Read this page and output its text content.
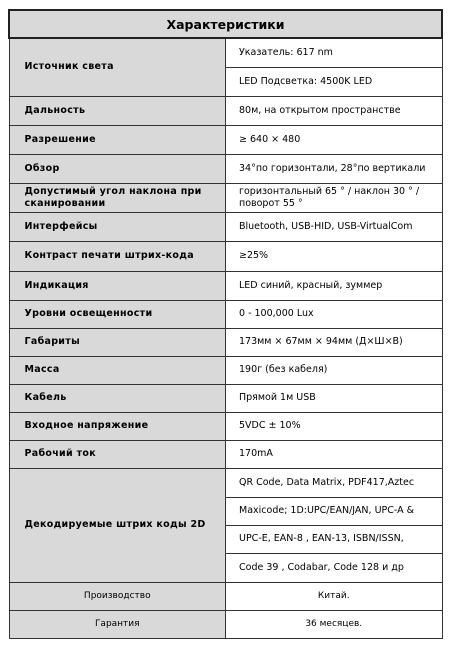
Характеристики	
Источник света	Указатель: 617 nm
	LED Подсветка: 4500K LED
Дальность	80м, на открытом пространстве
Разрешение	≥ 640 × 480
Обзор	34°по горизонтали, 28°по вертикали
Допустимый угол наклона при сканировании	горизонтальный 65 ° / наклон 30 ° / поворот 55 °
Интерфейсы	Bluetooth, USB-HID, USB-VirtualCom
Контраст печати штрих-кода	≥25%
Индикация	LED синий, красный, зуммер
Уровни освещенности	0 - 100,000 Lux
Габариты	173мм × 67мм × 94мм (Д×Ш×В)
Масса	190г (без кабеля)
Кабель	Прямой 1м USB
Входное напряжение	5VDC ± 10%
Рабочий ток	170mA
Декодируемые штрих коды 2D	QR Code, Data Matrix, PDF417,Aztec
	Maxicode; 1D:UPC/EAN/JAN, UPC-A &
	UPC-E, EAN-8 , EAN-13, ISBN/ISSN,
	Code 39 , Codabar, Code 128 и др
Производство	Китай.
Гарантия	36 месяцев.
